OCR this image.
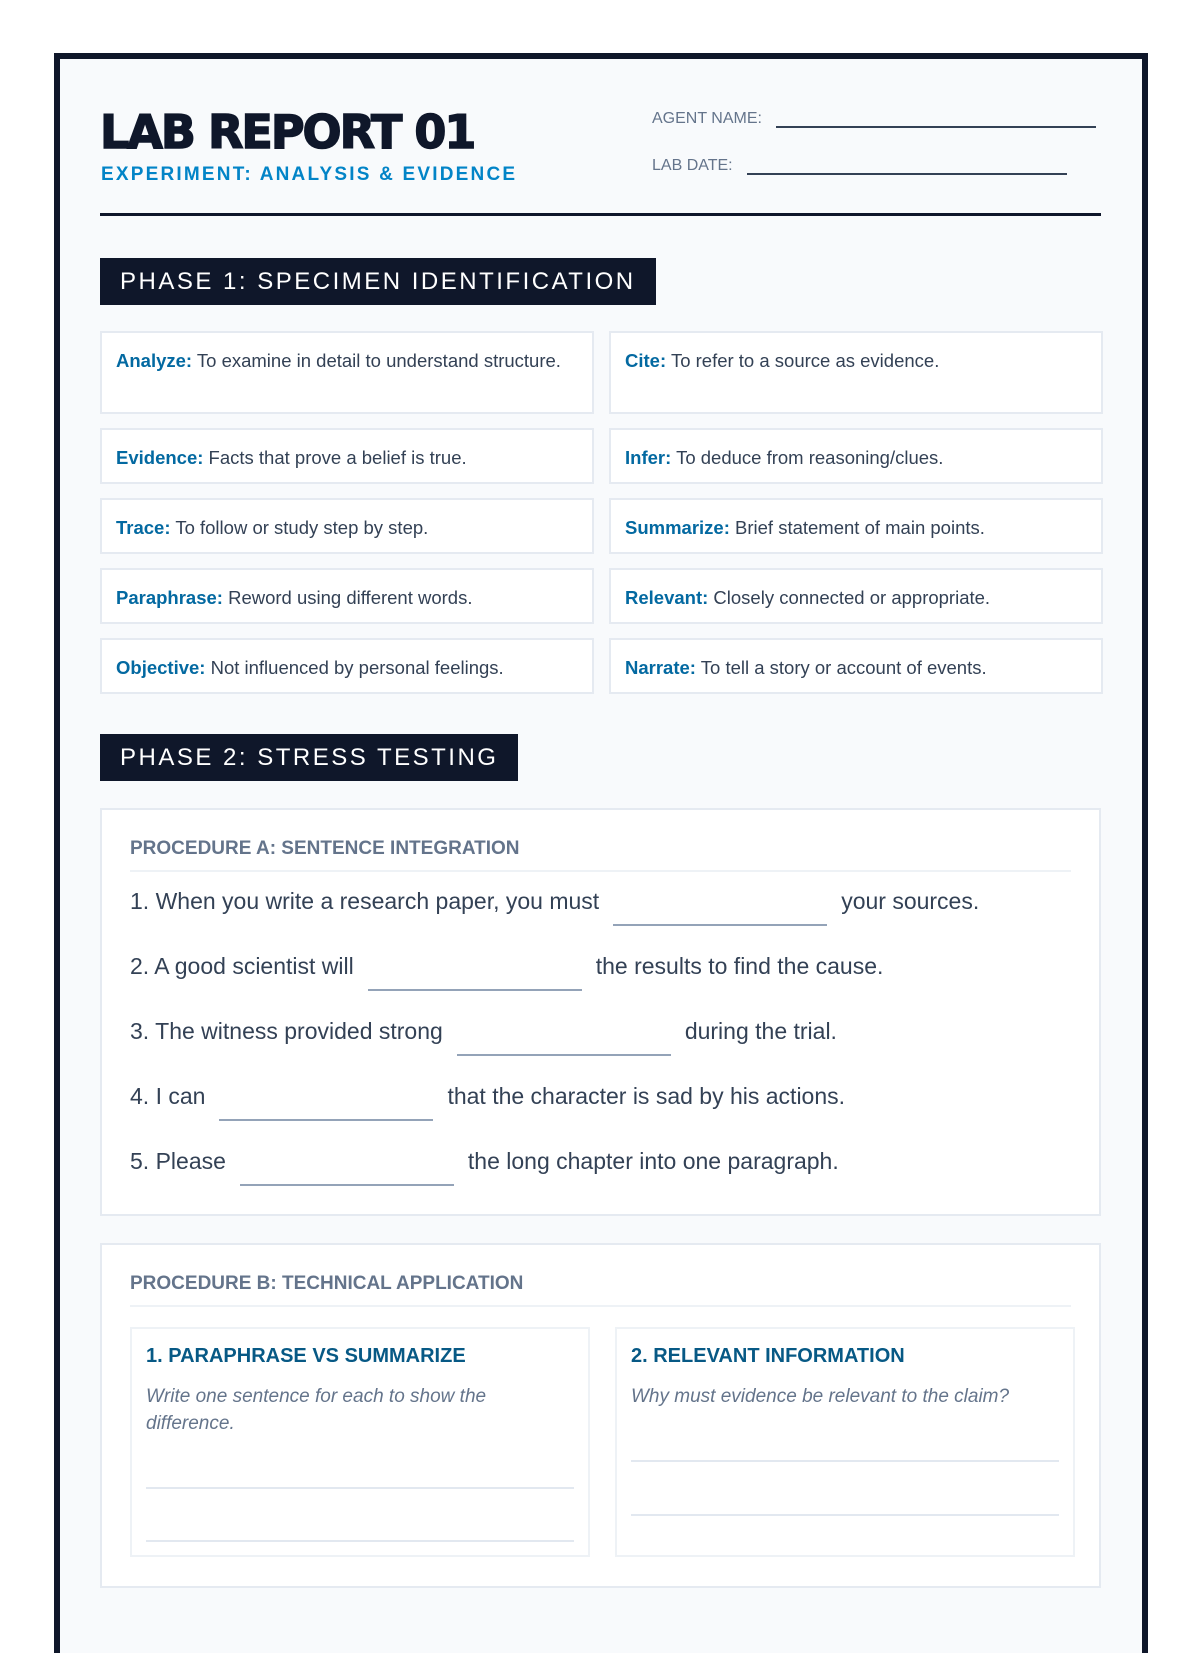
LAB REPORT 01
EXPERIMENT: ANALYSIS & EVIDENCE
AGENT NAME:
LAB DATE:
PHASE 1: SPECIMEN IDENTIFICATION
Analyze: To examine in detail to understand structure.	Cite: To refer to a source as evidence.
Evidence: Facts that prove a belief is true.	Infer: To deduce from reasoning/clues.
Trace: To follow or study step by step.	Summarize: Brief statement of main points.
Paraphrase: Reword using different words.	Relevant: Closely connected or appropriate.
Objective: Not influenced by personal feelings.	Narrate: To tell a story or account of events.
PHASE 2: STRESS TESTING
PROCEDURE A: SENTENCE INTEGRATION
1. When you write a research paper, you must	your sources.
2. A good scientist will	the results to find the cause.
3. The witness provided strong	during the trial.
4. I can	that the character is sad by his actions.
5. Please	the long chapter into one paragraph.
PROCEDURE B: TECHNICAL APPLICATION
1. PARAPHRASE VS SUMMARIZE

Write one sentence for each to show the difference.

2. RELEVANT INFORMATION

Why must evidence be relevant to the claim?
